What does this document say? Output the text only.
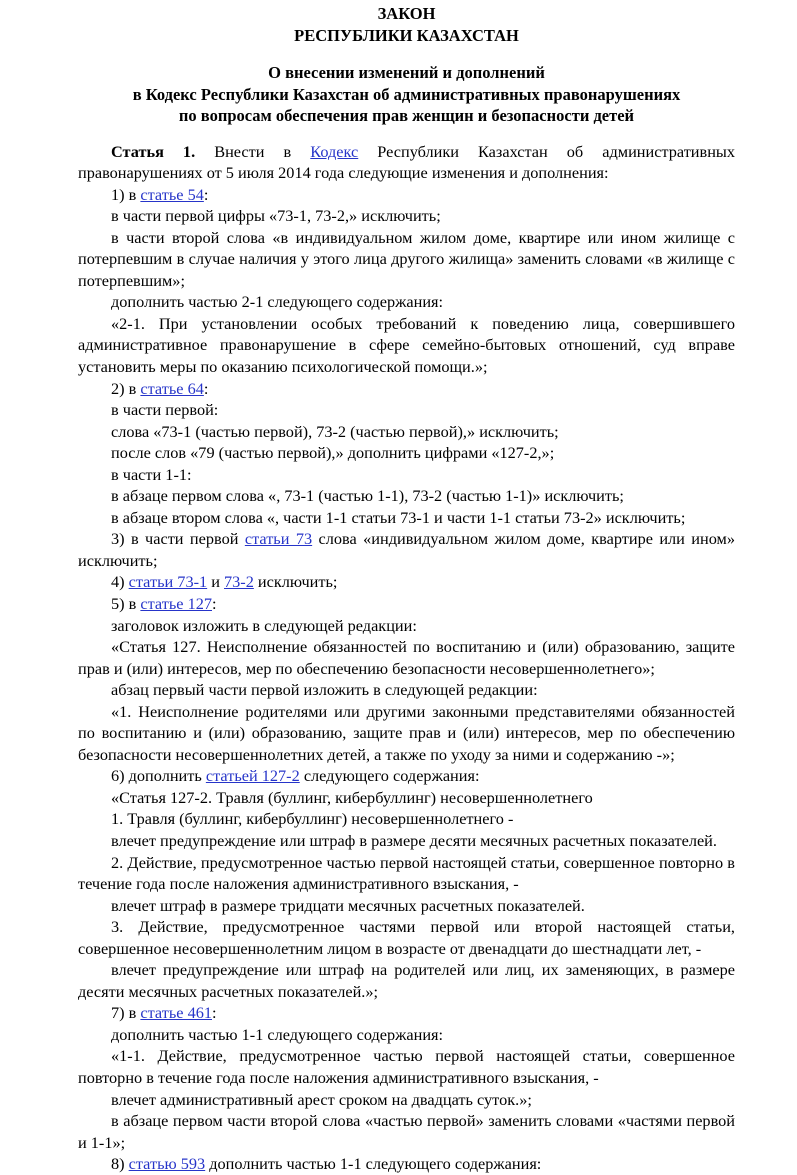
ЗАКОН
РЕСПУБЛИКИ КАЗАХСТАН
О внесении изменений и дополнений
в Кодекс Республики Казахстан об административных правонарушениях
по вопросам обеспечения прав женщин и безопасности детей

Статья 1. Внести в Кодекс Республики Казахстан об административных правонарушениях от 5 июля 2014 года следующие изменения и дополнения:

1) в статье 54:

в части первой цифры «73-1, 73-2,» исключить;

в части второй слова «в индивидуальном жилом доме, квартире или ином жилище с потерпевшим в случае наличия у этого лица другого жилища» заменить словами «в жилище с потерпевшим»;

дополнить частью 2-1 следующего содержания:

«2-1. При установлении особых требований к поведению лица, совершившего административное правонарушение в сфере семейно-бытовых отношений, суд вправе установить меры по оказанию психологической помощи.»;

2) в статье 64:

в части первой:

слова «73-1 (частью первой), 73-2 (частью первой),» исключить;

после слов «79 (частью первой),» дополнить цифрами «127-2,»;

в части 1-1:

в абзаце первом слова «, 73-1 (частью 1-1), 73-2 (частью 1-1)» исключить;

в абзаце втором слова «, части 1-1 статьи 73-1 и части 1-1 статьи 73-2» исключить;

3) в части первой статьи 73 слова «индивидуальном жилом доме, квартире или ином» исключить;

4) статьи 73-1 и 73-2 исключить;

5) в статье 127:

заголовок изложить в следующей редакции:

«Статья 127. Неисполнение обязанностей по воспитанию и (или) образованию, защите прав и (или) интересов, мер по обеспечению безопасности несовершеннолетнего»;

абзац первый части первой изложить в следующей редакции:

«1. Неисполнение родителями или другими законными представителями обязанностей по воспитанию и (или) образованию, защите прав и (или) интересов, мер по обеспечению безопасности несовершеннолетних детей, а также по уходу за ними и содержанию -»;

6) дополнить статьей 127-2 следующего содержания:

«Статья 127-2. Травля (буллинг, кибербуллинг) несовершеннолетнего

1. Травля (буллинг, кибербуллинг) несовершеннолетнего -

влечет предупреждение или штраф в размере десяти месячных расчетных показателей.

2. Действие, предусмотренное частью первой настоящей статьи, совершенное повторно в течение года после наложения административного взыскания, -

влечет штраф в размере тридцати месячных расчетных показателей.

3. Действие, предусмотренное частями первой или второй настоящей статьи, совершенное несовершеннолетним лицом в возрасте от двенадцати до шестнадцати лет, -

влечет предупреждение или штраф на родителей или лиц, их заменяющих, в размере десяти месячных расчетных показателей.»;

7) в статье 461:

дополнить частью 1-1 следующего содержания:

«1-1. Действие, предусмотренное частью первой настоящей статьи, совершенное повторно в течение года после наложения административного взыскания, -

влечет административный арест сроком на двадцать суток.»;

в абзаце первом части второй слова «частью первой» заменить словами «частями первой и 1-1»;

8) статью 593 дополнить частью 1-1 следующего содержания:
